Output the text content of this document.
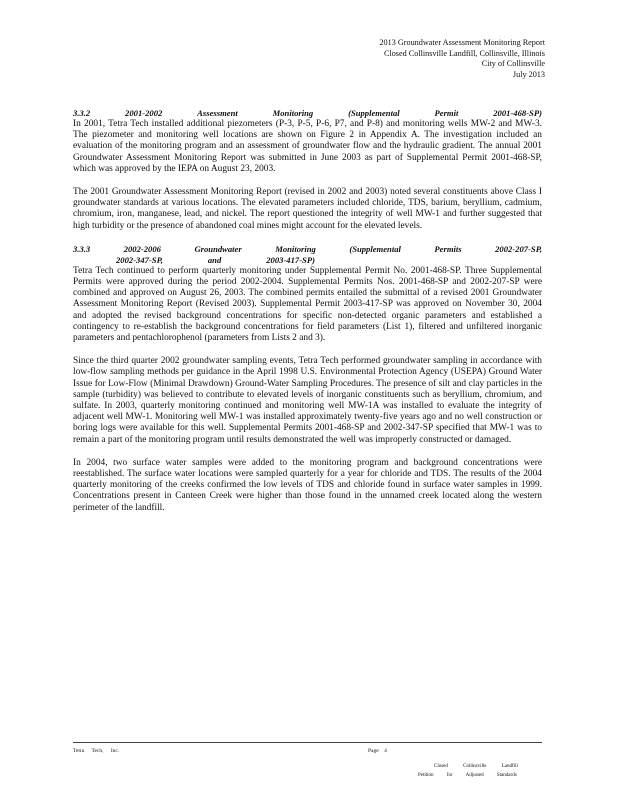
2013 Groundwater Assessment Monitoring Report
Closed Collinsville Landfill, Collinsville, Illinois
City of Collinsville
July 2013
3.3.2	2001-2002	Assessment	Monitoring	(Supplemental	Permit	2001-468-SP)

In 2001, Tetra Tech installed additional piezometers (P-3, P-5, P-6, P7, and P-8) and monitoring wells MW-2 and MW-3. The piezometer and monitoring well locations are shown on Figure 2 in Appendix A. The investigation included an evaluation of the monitoring program and an assessment of groundwater flow and the hydraulic gradient. The annual 2001 Groundwater Assessment Monitoring Report was submitted in June 2003 as part of Supplemental Permit 2001-468-SP, which was approved by the IEPA on August 23, 2003.

The 2001 Groundwater Assessment Monitoring Report (revised in 2002 and 2003) noted several constituents above Class I groundwater standards at various locations. The elevated parameters included chloride, TDS, barium, beryllium, cadmium, chromium, iron, manganese, lead, and nickel. The report questioned the integrity of well MW-1 and further suggested that high turbidity or the presence of abandoned coal mines might account for the elevated levels.

3.3.3	2002-2006	Groundwater	Monitoring	(Supplemental	Permits	2002-207-SP,
2002-347-SP,	and	2003-417-SP)

Tetra Tech continued to perform quarterly monitoring under Supplemental Permit No. 2001-468-SP. Three Supplemental Permits were approved during the period 2002-2004. Supplemental Permits Nos. 2001-468-SP and 2002-207-SP were combined and approved on August 26, 2003. The combined permits entailed the submittal of a revised 2001 Groundwater Assessment Monitoring Report (Revised 2003). Supplemental Permit 2003-417-SP was approved on November 30, 2004 and adopted the revised background concentrations for specific non-detected organic parameters and established a contingency to re-establish the background concentrations for field parameters (List 1), filtered and unfiltered inorganic parameters and pentachlorophenol (parameters from Lists 2 and 3).

Since the third quarter 2002 groundwater sampling events, Tetra Tech performed groundwater sampling in accordance with low-flow sampling methods per guidance in the April 1998 U.S. Environmental Protection Agency (USEPA) Ground Water Issue for Low-Flow (Minimal Drawdown) Ground-Water Sampling Procedures. The presence of silt and clay particles in the sample (turbidity) was believed to contribute to elevated levels of inorganic constituents such as beryllium, chromium, and sulfate. In 2003, quarterly monitoring continued and monitoring well MW-1A was installed to evaluate the integrity of adjacent well MW-1. Monitoring well MW-1 was installed approximately twenty-five years ago and no well construction or boring logs were available for this well. Supplemental Permits 2001-468-SP and 2002-347-SP specified that MW-1 was to remain a part of the monitoring program until results demonstrated the well was improperly constructed or damaged.

In 2004, two surface water samples were added to the monitoring program and background concentrations were reestablished. The surface water locations were sampled quarterly for a year for chloride and TDS. The results of the 2004 quarterly monitoring of the creeks confirmed the low levels of TDS and chloride found in surface water samples in 1999. Concentrations present in Canteen Creek were higher than those found in the unnamed creek located along the western perimeter of the landfill.

Tetra Tech, Inc.	Page 4
Closed Collinsville Landfill
Petition for Adjusted Standards
